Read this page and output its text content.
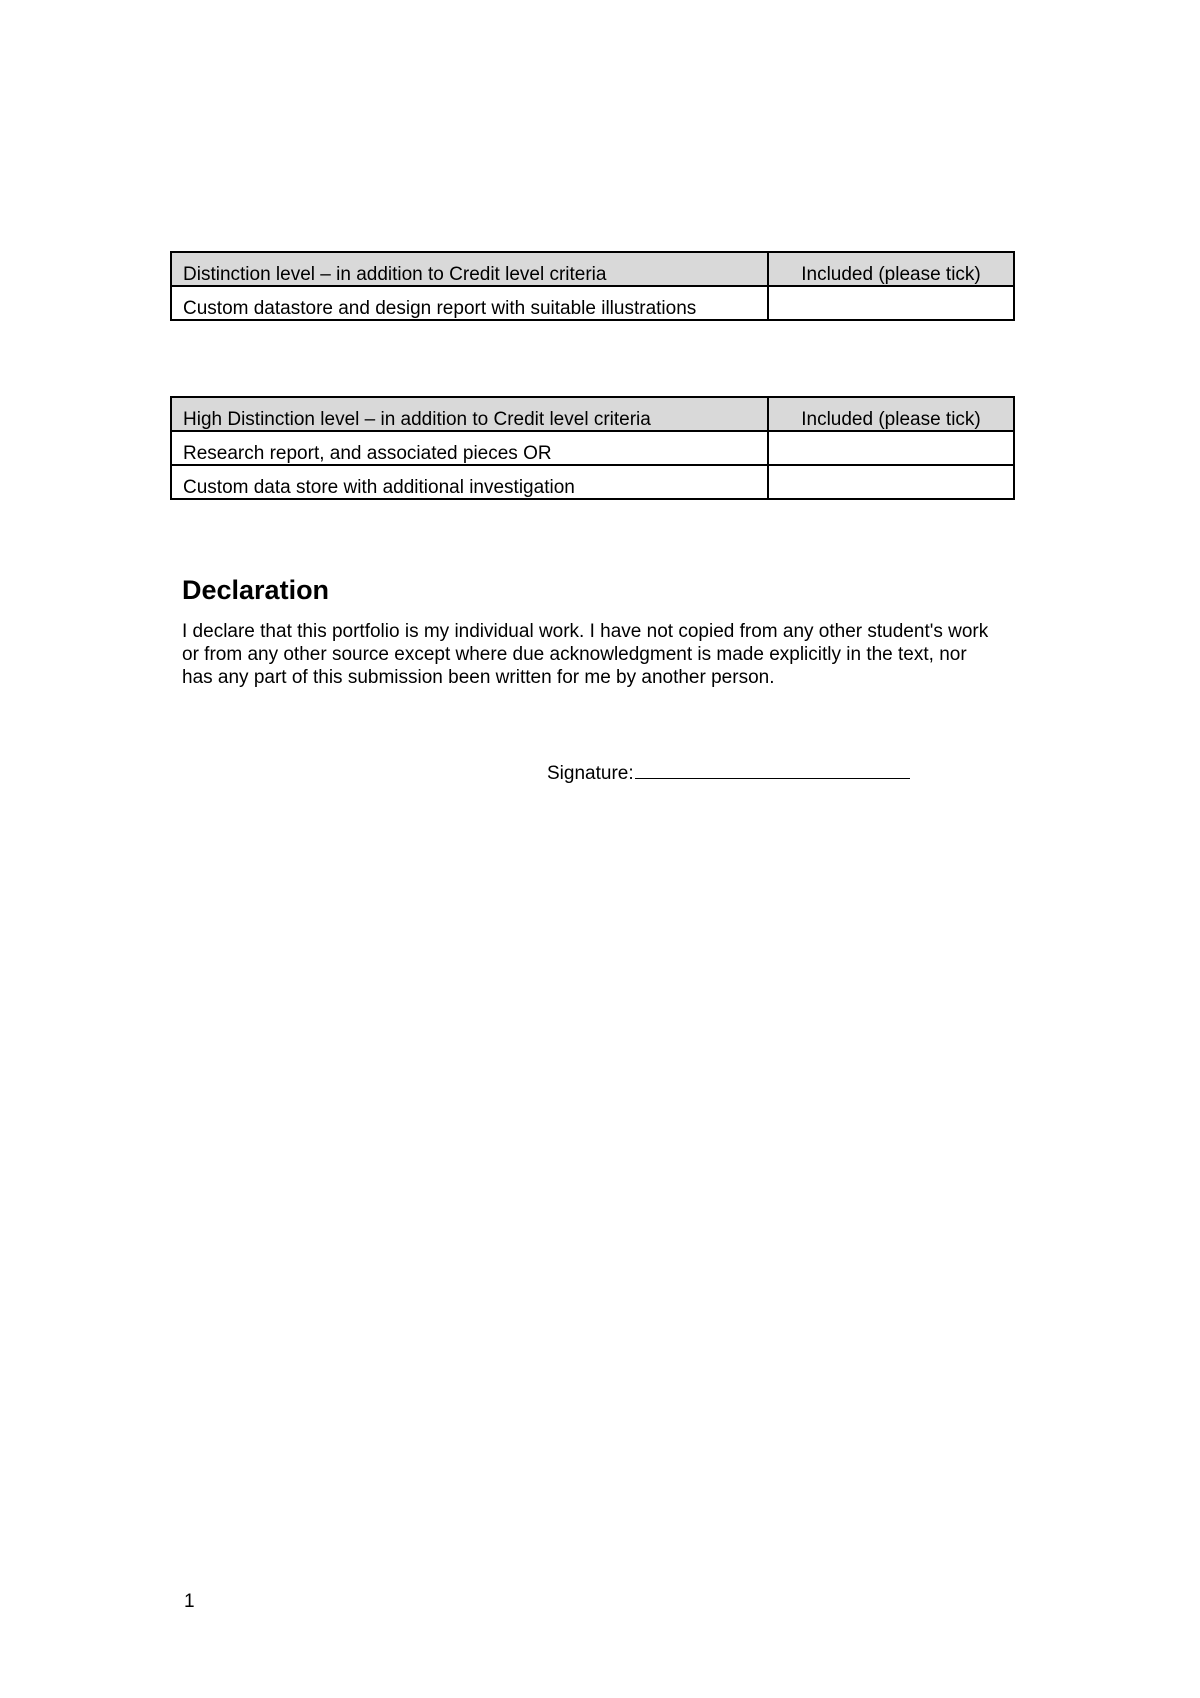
Distinction level – in addition to Credit level criteria	Included (please tick)
Custom datastore and design report with suitable illustrations	
High Distinction level – in addition to Credit level criteria	Included (please tick)
Research report, and associated pieces OR	
Custom data store with additional investigation	
Declaration

I declare that this portfolio is my individual work. I have not copied from any other student's work or from any other source except where due acknowledgment is made explicitly in the text, nor has any part of this submission been written for me by another person.

Signature:
1
